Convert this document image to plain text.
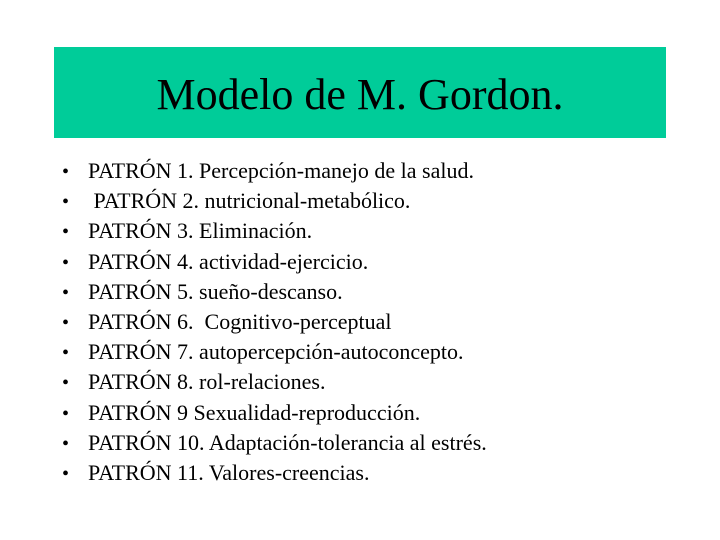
Modelo de M. Gordon.
• PATRÓN 1. Percepción-manejo de la salud.
• PATRÓN 2. nutricional-metabólico.
• PATRÓN 3. Eliminación.
• PATRÓN 4. actividad-ejercicio.
• PATRÓN 5. sueño-descanso.
• PATRÓN 6.  Cognitivo-perceptual
• PATRÓN 7. autopercepción-autoconcepto.
• PATRÓN 8. rol-relaciones.
• PATRÓN 9 Sexualidad-reproducción.
• PATRÓN 10. Adaptación-tolerancia al estrés.
• PATRÓN 11. Valores-creencias.
